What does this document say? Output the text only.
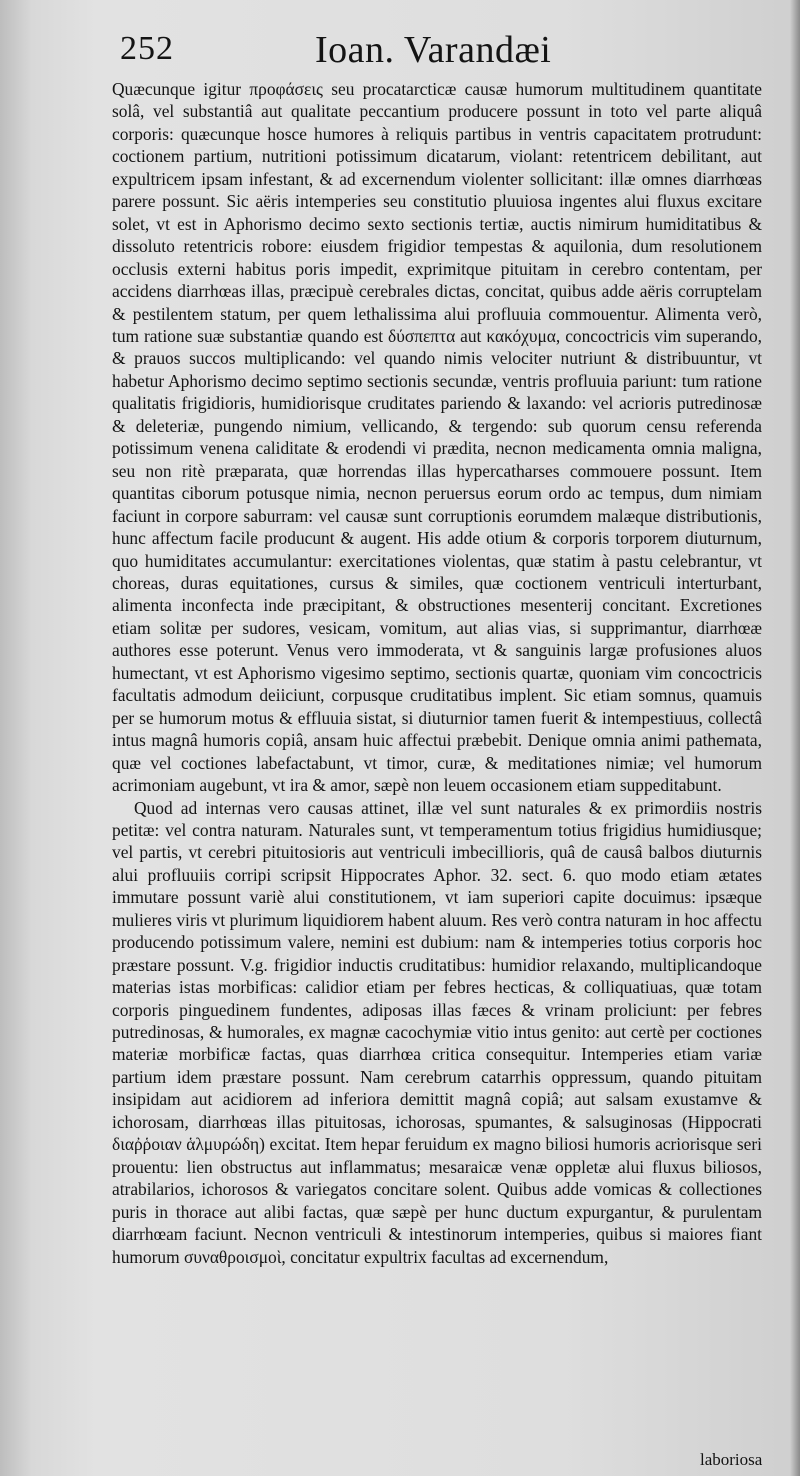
252	Ioan. Varandæi

Quæcunque igitur προφάσεις seu procatarcticæ causæ humorum multitudinem quantitate solâ, vel substantiâ aut qualitate peccantium producere possunt in toto vel parte aliquâ corporis: quæcunque hosce humores à reliquis partibus in ventris capacitatem protrudunt: coctionem partium, nutritioni potissimum dicatarum, violant: retentricem debilitant, aut expultricem ipsam infestant, & ad excernendum violenter sollicitant: illæ omnes diarrhœas parere possunt. Sic aëris intemperies seu constitutio pluuiosa ingentes alui fluxus excitare solet, vt est in Aphorismo decimo sexto sectionis tertiæ, auctis nimirum humiditatibus & dissoluto retentricis robore: eiusdem frigidior tempestas & aquilonia, dum resolutionem occlusis externi habitus poris impedit, exprimitque pituitam in cerebro contentam, per accidens diarrhœas illas, præcipuè cerebrales dictas, concitat, quibus adde aëris corruptelam & pestilentem statum, per quem lethalissima alui profluuia commouentur. Alimenta verò, tum ratione suæ substantiæ quando est δύσπεπτα aut κακόχυμα, concoctricis vim superando, & prauos succos multiplicando: vel quando nimis velociter nutriunt & distribuuntur, vt habetur Aphorismo decimo septimo sectionis secundæ, ventris profluuia pariunt: tum ratione qualitatis frigidioris, humidiorisque cruditates pariendo & laxando: vel acrioris putredinosæ & deleteriæ, pungendo nimium, vellicando, & tergendo: sub quorum censu referenda potissimum venena caliditate & erodendi vi prædita, necnon medicamenta omnia maligna, seu non ritè præparata, quæ horrendas illas hypercatharses commouere possunt. Item quantitas ciborum potusque nimia, necnon peruersus eorum ordo ac tempus, dum nimiam faciunt in corpore saburram: vel causæ sunt corruptionis eorumdem malæque distributionis, hunc affectum facile producunt & augent. His adde otium & corporis torporem diuturnum, quo humiditates accumulantur: exercitationes violentas, quæ statim à pastu celebrantur, vt choreas, duras equitationes, cursus & similes, quæ coctionem ventriculi interturbant, alimenta inconfecta inde præcipitant, & obstructiones mesenterij concitant. Excretiones etiam solitæ per sudores, vesicam, vomitum, aut alias vias, si supprimantur, diarrhœæ authores esse poterunt. Venus vero immoderata, vt & sanguinis largæ profusiones aluos humectant, vt est Aphorismo vigesimo septimo, sectionis quartæ, quoniam vim concoctricis facultatis admodum deiiciunt, corpusque cruditatibus implent. Sic etiam somnus, quamuis per se humorum motus & effluuia sistat, si diuturnior tamen fuerit & intempestiuus, collectâ intus magnâ humoris copiâ, ansam huic affectui præbebit. Denique omnia animi pathemata, quæ vel coctiones labefactabunt, vt timor, curæ, & meditationes nimiæ; vel humorum acrimoniam augebunt, vt ira & amor, sæpè non leuem occasionem etiam suppeditabunt.

Quod ad internas vero causas attinet, illæ vel sunt naturales & ex primordiis nostris petitæ: vel contra naturam. Naturales sunt, vt temperamentum totius frigidius humidiusque; vel partis, vt cerebri pituitosioris aut ventriculi imbecillioris, quâ de causâ balbos diuturnis alui profluuiis corripi scripsit Hippocrates Aphor. 32. sect. 6. quo modo etiam ætates immutare possunt variè alui constitutionem, vt iam superiori capite docuimus: ipsæque mulieres viris vt plurimum liquidiorem habent aluum. Res verò contra naturam in hoc affectu producendo potissimum valere, nemini est dubium: nam & intemperies totius corporis hoc præstare possunt. V.g. frigidior inductis cruditatibus: humidior relaxando, multiplicandoque materias istas morbificas: calidior etiam per febres hecticas, & colliquatiuas, quæ totam corporis pinguedinem fundentes, adiposas illas fæces & vrinam proliciunt: per febres putredinosas, & humorales, ex magnæ cacochymiæ vitio intus genito: aut certè per coctiones materiæ morbificæ factas, quas diarrhœa critica consequitur. Intemperies etiam variæ partium idem præstare possunt. Nam cerebrum catarrhis oppressum, quando pituitam insipidam aut acidiorem ad inferiora demittit magnâ copiâ; aut salsam exustamve & ichorosam, diarrhœas illas pituitosas, ichorosas, spumantes, & salsuginosas (Hippocrati διαῤῥοιαν ἁλμυρώδη) excitat. Item hepar feruidum ex magno biliosi humoris acriorisque seri prouentu: lien obstructus aut inflammatus; mesaraicæ venæ oppletæ alui fluxus biliosos, atrabilarios, ichorosos & variegatos concitare solent. Quibus adde vomicas & collectiones puris in thorace aut alibi factas, quæ sæpè per hunc ductum expurgantur, & purulentam diarrhœam faciunt. Necnon ventriculi & intestinorum intemperies, quibus si maiores fiant humorum συναθροισμοὶ, concitatur expultrix facultas ad excernendum,

laboriosa
